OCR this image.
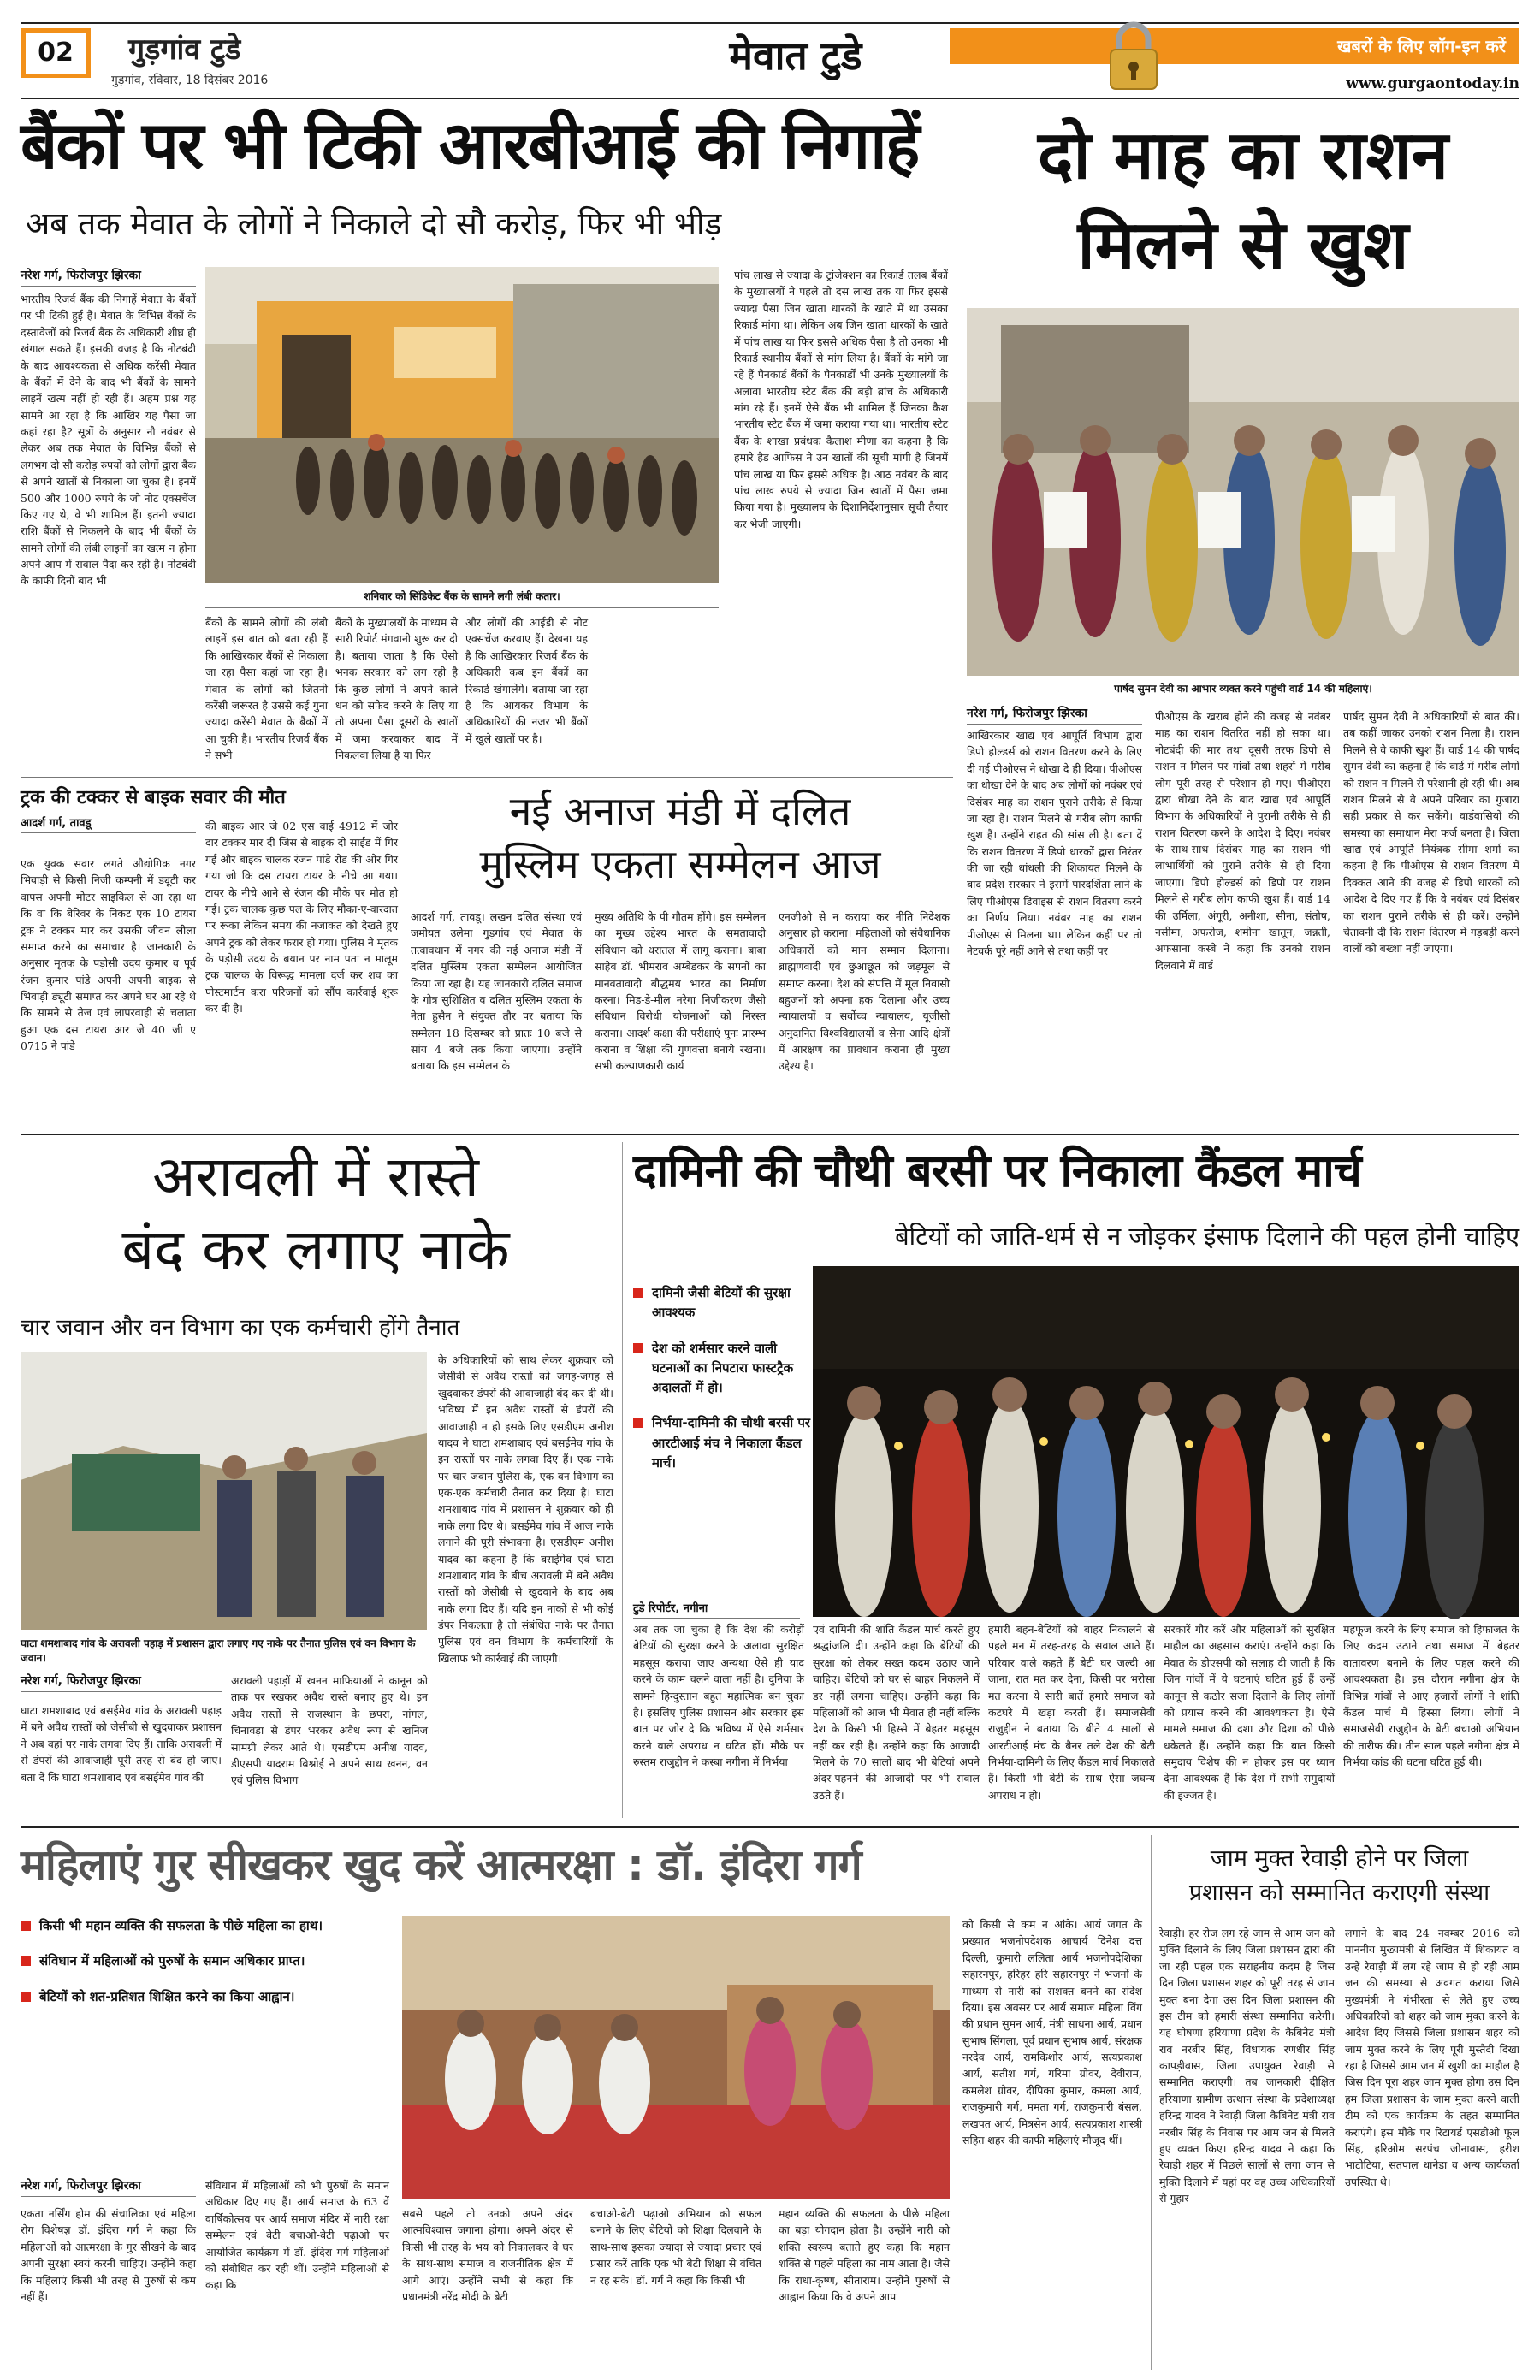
02	गुड़गांव टुडे
गुड़गांव, रविवार, 18 दिसंबर 2016
मेवात टुडे	खबरों के लिए लॉग-इन करें
www.gurgaontoday.in
बैंकों पर भी टिकी आरबीआई की निगाहें
अब तक मेवात के लोगों ने निकाले दो सौ करोड़, फिर भी भीड़
नरेश गर्ग, फिरोजपुर झिरका
भारतीय रिजर्व बैंक की निगाहें मेवात के बैंकों पर भी टिकी हुई हैं। मेवात के विभिन्न बैंकों के दस्तावेजों को रिजर्व बैंक के अधिकारी शीघ्र ही खंगाल सकते हैं। इसकी वजह है कि नोटबंदी के बाद आवश्यकता से अधिक करेंसी मेवात के बैंकों में देने के बाद भी बैंकों के सामने लाइनें खत्म नहीं हो रही हैं। अहम प्रश्न यह सामने आ रहा है कि आखिर यह पैसा जा कहां रहा है? सूत्रों के अनुसार नौ नवंबर से लेकर अब तक मेवात के विभिन्न बैंकों से लगभग दो सौ करोड़ रुपयों को लोगों द्वारा बैंक से अपने खातों से निकाला जा चुका है। इनमें 500 और 1000 रुपये के जो नोट एक्सचेंज किए गए थे, वे भी शामिल हैं। इतनी ज्यादा राशि बैंकों से निकलने के बाद भी बैंकों के सामने लोगों की लंबी लाइनों का खत्म न होना अपने आप में सवाल पैदा कर रही है। नोटबंदी के काफी दिनों बाद भी
शनिवार को सिंडिकेट बैंक के सामने लगी लंबी कतार।
बैंकों के सामने लोगों की लंबी लाइनें इस बात को बता रही हैं कि आखिरकार बैंकों से निकाला जा रहा पैसा कहां जा रहा है। मेवात के लोगों को जितनी करेंसी जरूरत है उससे कई गुना ज्यादा करेंसी मेवात के बैंकों में आ चुकी है। भारतीय रिजर्व बैंक ने सभी
बैंकों के मुख्यालयों के माध्यम से सारी रिपोर्ट मंगवानी शुरू कर दी है। बताया जाता है कि ऐसी भनक सरकार को लग रही है कि कुछ लोगों ने अपने काले धन को सफेद करने के लिए या तो अपना पैसा दूसरों के खातों में जमा करवाकर बाद में निकलवा लिया है या फिर
और लोगों की आईडी से नोट एक्सचेंज करवाए हैं। देखना यह है कि आखिरकार रिजर्व बैंक के अधिकारी कब इन बैंकों का रिकार्ड खंगालेंगे। बताया जा रहा है कि आयकर विभाग के अधिकारियों की नजर भी बैंकों में खुले खातों पर है।
पांच लाख से ज्यादा के ट्रांजेक्शन का रिकार्ड तलब बैंकों के मुख्यालयों ने पहले तो दस लाख तक या फिर इससे ज्यादा पैसा जिन खाता धारकों के खाते में था उसका रिकार्ड मांगा था। लेकिन अब जिन खाता धारकों के खाते में पांच लाख या फिर इससे अधिक पैसा है तो उनका भी रिकार्ड स्थानीय बैंकों से मांग लिया है। बैंकों के मांगे जा रहे हैं पैनकार्ड बैंकों के पैनकार्डों भी उनके मुख्यालयों के अलावा भारतीय स्टेट बैंक की बड़ी ब्रांच के अधिकारी मांग रहे हैं। इनमें ऐसे बैंक भी शामिल हैं जिनका कैश भारतीय स्टेट बैंक में जमा कराया गया था। भारतीय स्टेट बैंक के शाखा प्रबंधक कैलाश मीणा का कहना है कि हमारे हैड आफिस ने उन खातों की सूची मांगी है जिनमें पांच लाख या फिर इससे अधिक है। आठ नवंबर के बाद पांच लाख रुपये से ज्यादा जिन खातों में पैसा जमा किया गया है। मुख्यालय के दिशानिर्देशानुसार सूची तैयार कर भेजी जाएगी।
दो माह का राशन
मिलने से खुश
पार्षद सुमन देवी का आभार व्यक्त करने पहुंची वार्ड 14 की महिलाएं।
नरेश गर्ग, फिरोजपुर झिरका
आखिरकार खाद्य एवं आपूर्ति विभाग द्वारा डिपो होल्डर्स को राशन वितरण करने के लिए दी गई पीओएस ने धोखा दे ही दिया। पीओएस का धोखा देने के बाद अब लोगों को नवंबर एवं दिसंबर माह का राशन पुराने तरीके से किया जा रहा है। राशन मिलने से गरीब लोग काफी खुश हैं। उन्होंने राहत की सांस ली है। बता दें कि राशन वितरण में डिपो धारकों द्वारा निरंतर की जा रही धांधली की शिकायत मिलने के बाद प्रदेश सरकार ने इसमें पारदर्शिता लाने के लिए पीओएस डिवाइस से राशन वितरण करने का निर्णय लिया। नवंबर माह का राशन पीओएस से मिलना था। लेकिन कहीं पर तो नेटवर्क पूरे नहीं आने से तथा कहीं पर
पीओएस के खराब होने की वजह से नवंबर माह का राशन वितरित नहीं हो सका था। नोटबंदी की मार तथा दूसरी तरफ डिपो से राशन न मिलने पर गांवों तथा शहरों में गरीब लोग पूरी तरह से परेशान हो गए। पीओएस द्वारा धोखा देने के बाद खाद्य एवं आपूर्ति विभाग के अधिकारियों ने पुरानी तरीके से ही राशन वितरण करने के आदेश दे दिए। नवंबर के साथ-साथ दिसंबर माह का राशन भी लाभार्थियों को पुराने तरीके से ही दिया जाएगा। डिपो होल्डर्स को डिपो पर राशन मिलने से गरीब लोग काफी खुश हैं। वार्ड 14 की उर्मिला, अंगूरी, अनीशा, सीना, संतोष, नसीमा, अफरोज, शमीना खातून, जन्नती, अफसाना कस्बे ने कहा कि उनको राशन दिलवाने में वार्ड
पार्षद सुमन देवी ने अधिकारियों से बात की। तब कहीं जाकर उनको राशन मिला है। राशन मिलने से वे काफी खुश हैं। वार्ड 14 की पार्षद सुमन देवी का कहना है कि वार्ड में गरीब लोगों को राशन न मिलने से परेशानी हो रही थी। अब राशन मिलने से वे अपने परिवार का गुजारा सही प्रकार से कर सकेंगे। वार्डवासियों की समस्या का समाधान मेरा फर्ज बनता है। जिला खाद्य एवं आपूर्ति नियंत्रक सीमा शर्मा का कहना है कि पीओएस से राशन वितरण में दिक्कत आने की वजह से डिपो धारकों को आदेश दे दिए गए हैं कि वे नवंबर एवं दिसंबर का राशन पुराने तरीके से ही करें। उन्होंने चेतावनी दी कि राशन वितरण में गड़बड़ी करने वालों को बख्शा नहीं जाएगा।
ट्रक की टक्कर से बाइक सवार की मौत
आदर्श गर्ग, तावडू
एक युवक सवार लगते औद्योगिक नगर भिवाड़ी से किसी निजी कम्पनी में ड्यूटी कर वापस अपनी मोटर साइकिल से आ रहा था कि वा कि बेरिवर के निकट एक 10 टायरा ट्रक ने टक्कर मार कर उसकी जीवन लीला समाप्त करने का समाचार है। जानकारी के अनुसार मृतक के पड़ोसी उदय कुमार व पूर्व रंजन कुमार पांडे अपनी अपनी बाइक से भिवाड़ी ड्यूटी समाप्त कर अपने घर आ रहे थे कि सामने से तेज एवं लापरवाही से चलाता हुआ एक दस टायरा आर जे 40 जी ए 0715 ने पांडे
की बाइक आर जे 02 एस वाई 4912 में जोर दार टक्कर मार दी जिस से बाइक दो साईड में गिर गई और बाइक चालक रंजन पांडे रोड की ओर गिर गया जो कि दस टायरा टायर के नीचे आ गया। टायर के नीचे आने से रंजन की मौके पर मोत हो गई। ट्रक चालक कुछ पल के लिए मौका-ए-वारदात पर रूका लेकिन समय की नजाकत को देखते हुए अपने ट्रक को लेकर फरार हो गया। पुलिस ने मृतक के पड़ोसी उदय के बयान पर नाम पता न मालूम ट्रक चालक के विरूद्ध मामला दर्ज कर शव का पोस्टमार्टम करा परिजनों को सौंप कार्रवाई शुरू कर दी है।
नई अनाज मंडी में दलित
मुस्लिम एकता सम्मेलन आज
आदर्श गर्ग, तावडू। लखन दलित संस्था एवं जमीयत उलेमा गुड़गांव एवं मेवात के तत्वावधान में नगर की नई अनाज मंडी में दलित मुस्लिम एकता सम्मेलन आयोजित किया जा रहा है। यह जानकारी दलित समाज के गोत्र सुशिक्षित व दलित मुस्लिम एकता के नेता हुसैन ने संयुक्त तौर पर बताया कि सम्मेलन 18 दिसम्बर को प्रातः 10 बजे से सांय 4 बजे तक किया जाएगा। उन्होंने बताया कि इस सम्मेलन के
मुख्य अतिथि के पी गौतम होंगे। इस सम्मेलन का मुख्य उद्देश्य भारत के समतावादी संविधान को धरातल में लागू कराना। बाबा साहेब डॉ. भीमराव अम्बेडकर के सपनों का मानवतावादी बौद्धमय भारत का निर्माण करना। मिड-डे-मील नरेगा निजीकरण जैसी संविधान विरोधी योजनाओं को निरस्त कराना। आदर्श कक्षा की परीक्षाएं पुनः प्रारम्भ कराना व शिक्षा की गुणवत्ता बनाये रखना। सभी कल्याणकारी कार्य
एनजीओ से न कराया कर नीति निदेशक अनुसार हो कराना। महिलाओं को संवैधानिक अधिकारों को मान सम्मान दिलाना। ब्राह्मणवादी एवं छुआछूत को जड़मूल से समाप्त करना। देश को संपत्ति में मूल निवासी बहुजनों को अपना हक दिलाना और उच्च न्यायालयों व सर्वोच्च न्यायालय, यूजीसी अनुदानित विश्वविद्यालयों व सेना आदि क्षेत्रों में आरक्षण का प्रावधान कराना ही मुख्य उद्देश्य है।
अरावली में रास्ते
बंद कर लगाए नाके
चार जवान और वन विभाग का एक कर्मचारी होंगे तैनात
घाटा शमशाबाद गांव के अरावली पहाड़ में प्रशासन द्वारा लगाए गए नाके पर तैनात पुलिस एवं वन विभाग के जवान।
के अधिकारियों को साथ लेकर शुक्रवार को जेसीबी से अवैध रास्तों को जगह-जगह से खुदवाकर डंपरों की आवाजाही बंद कर दी थी। भविष्य में इन अवैध रास्तों से डंपरों की आवाजाही न हो इसके लिए एसडीएम अनीश यादव ने घाटा शमशाबाद एवं बसईमेव गांव के इन रास्तों पर नाके लगवा दिए हैं। एक नाके पर चार जवान पुलिस के, एक वन विभाग का एक-एक कर्मचारी तैनात कर दिया है। घाटा शमशाबाद गांव में प्रशासन ने शुक्रवार को ही नाके लगा दिए थे। बसईमेव गांव में आज नाके लगाने की पूरी संभावना है। एसडीएम अनीश यादव का कहना है कि बसईमेव एवं घाटा शमशाबाद गांव के बीच अरावली में बने अवैध रास्तों को जेसीबी से खुदवाने के बाद अब नाके लगा दिए हैं। यदि इन नाकों से भी कोई डंपर निकलता है तो संबंधित नाके पर तैनात पुलिस एवं वन विभाग के कर्मचारियों के खिलाफ भी कार्रवाई की जाएगी।
नरेश गर्ग, फिरोजपुर झिरका
घाटा शमशाबाद एवं बसईमेव गांव के अरावली पहाड़ में बने अवैध रास्तों को जेसीबी से खुदवाकर प्रशासन ने अब वहां पर नाके लगवा दिए हैं। ताकि अरावली में से डंपरों की आवाजाही पूरी तरह से बंद हो जाए। बता दें कि घाटा शमशाबाद एवं बसईमेव गांव की
अरावली पहाड़ों में खनन माफियाओं ने कानून को ताक पर रखकर अवैध रास्ते बनाए हुए थे। इन अवैध रास्तों से राजस्थान के छपरा, नांगल, चिनावड़ा से डंपर भरकर अवैध रूप से खनिज सामग्री लेकर आते थे। एसडीएम अनीश यादव, डीएसपी यादराम बिश्नोई ने अपने साथ खनन, वन एवं पुलिस विभाग
दामिनी की चौथी बरसी पर निकाला कैंडल मार्च
बेटियों को जाति-धर्म से न जोड़कर इंसाफ दिलाने की पहल होनी चाहिए
दामिनी जैसी बेटियों की सुरक्षा आवश्यक
देश को शर्मसार करने वाली घटनाओं का निपटारा फास्टट्रैक अदालतों में हो।
निर्भया-दामिनी की चौथी बरसी पर आरटीआई मंच ने निकाला कैंडल मार्च।
टुडे रिपोर्टर, नगीना
अब तक जा चुका है कि देश की करोड़ों बेटियों की सुरक्षा करने के अलावा सुरक्षित महसूस कराया जाए अन्यथा ऐसे ही याद करने के काम चलने वाला नहीं है। दुनिया के सामने हिन्दुस्तान बहुत महात्मिक बन चुका है। इसलिए पुलिस प्रशासन और सरकार इस बात पर जोर दे कि भविष्य में ऐसे शर्मसार करने वाले अपराध न घटित हों। मौके पर रुस्तम राजुद्दीन ने कस्बा नगीना में निर्भया
एवं दामिनी की शांति कैंडल मार्च करते हुए श्रद्धांजलि दी। उन्होंने कहा कि बेटियों की सुरक्षा को लेकर सख्त कदम उठाए जाने चाहिए। बेटियों को घर से बाहर निकलने में डर नहीं लगना चाहिए। उन्होंने कहा कि महिलाओं को आज भी मेवात ही नहीं बल्कि देश के किसी भी हिस्से में बेहतर महसूस नहीं कर रही है। उन्होंने कहा कि आजादी मिलने के 70 सालों बाद भी बेटियां अपने अंदर-पहनने की आजादी पर भी सवाल उठते हैं।
हमारी बहन-बेटियों को बाहर निकालने से पहले मन में तरह-तरह के सवाल आते हैं। परिवार वाले कहते हैं बेटी घर जल्दी आ जाना, रात मत कर देना, किसी पर भरोसा मत करना ये सारी बातें हमारे समाज को कटघरे में खड़ा करती हैं। समाजसेवी राजुद्दीन ने बताया कि बीते 4 सालों से आरटीआई मंच के बैनर तले देश की बेटी निर्भया-दामिनी के लिए कैंडल मार्च निकालते हैं। किसी भी बेटी के साथ ऐसा जघन्य अपराध न हो।
सरकारें गौर करें और महिलाओं को सुरक्षित माहौल का अहसास कराएं। उन्होंने कहा कि मेवात के डीएसपी को सलाह दी जाती है कि जिन गांवों में ये घटनाएं घटित हुई हैं उन्हें कानून से कठोर सजा दिलाने के लिए लोगों को प्रयास करने की आवश्यकता है। ऐसे मामले समाज की दशा और दिशा को पीछे धकेलते हैं। उन्होंने कहा कि बात किसी समुदाय विशेष की न होकर इस पर ध्यान देना आवश्यक है कि देश में सभी समुदायों की इज्जत है।
महफूज करने के लिए समाज को हिफाजत के लिए कदम उठाने तथा समाज में बेहतर वातावरण बनाने के लिए पहल करने की आवश्यकता है। इस दौरान नगीना क्षेत्र के विभिन्न गांवों से आए हजारों लोगों ने शांति कैंडल मार्च में हिस्सा लिया। लोगों ने समाजसेवी राजुद्दीन के बेटी बचाओ अभियान की तारीफ की। तीन साल पहले नगीना क्षेत्र में निर्भया कांड की घटना घटित हुई थी।
महिलाएं गुर सीखकर खुद करें आत्मरक्षा : डॉ. इंदिरा गर्ग
किसी भी महान व्यक्ति की सफलता के पीछे महिला का हाथ।
संविधान में महिलाओं को पुरुषों के समान अधिकार प्राप्त।
बेटियों को शत-प्रतिशत शिक्षित करने का किया आह्वान।
नरेश गर्ग, फिरोजपुर झिरका
एकता नर्सिंग होम की संचालिका एवं महिला रोग विशेषज्ञ डॉ. इंदिरा गर्ग ने कहा कि महिलाओं को आत्मरक्षा के गुर सीखने के बाद अपनी सुरक्षा स्वयं करनी चाहिए। उन्होंने कहा कि महिलाएं किसी भी तरह से पुरुषों से कम नहीं हैं।
संविधान में महिलाओं को भी पुरुषों के समान अधिकार दिए गए हैं। आर्य समाज के 63 वें वार्षिकोत्सव पर आर्य समाज मंदिर में नारी रक्षा सम्मेलन एवं बेटी बचाओ-बेटी पढ़ाओ पर आयोजित कार्यक्रम में डॉ. इंदिरा गर्ग महिलाओं को संबोधित कर रही थीं। उन्होंने महिलाओं से कहा कि
सबसे पहले तो उनको अपने अंदर आत्मविश्वास जगाना होगा। अपने अंदर से किसी भी तरह के भय को निकालकर वे घर के साथ-साथ समाज व राजनीतिक क्षेत्र में आगे आएं। उन्होंने सभी से कहा कि प्रधानमंत्री नरेंद्र मोदी के बेटी
बचाओ-बेटी पढ़ाओ अभियान को सफल बनाने के लिए बेटियों को शिक्षा दिलवाने के साथ-साथ इसका ज्यादा से ज्यादा प्रचार एवं प्रसार करें ताकि एक भी बेटी शिक्षा से वंचित न रह सके। डॉ. गर्ग ने कहा कि किसी भी
महान व्यक्ति की सफलता के पीछे महिला का बड़ा योगदान होता है। उन्होंने नारी को शक्ति स्वरूप बताते हुए कहा कि महान शक्ति से पहले महिला का नाम आता है। जैसे कि राधा-कृष्ण, सीताराम। उन्होंने पुरुषों से आह्वान किया कि वे अपने आप
को किसी से कम न आंके। आर्य जगत के प्रख्यात भजनोपदेशक आचार्य दिनेश दत्त दिल्ली, कुमारी ललिता आर्य भजनोपदेशिका सहारनपुर, हरिहर हरि सहारनपुर ने भजनों के माध्यम से नारी को सशक्त बनने का संदेश दिया। इस अवसर पर आर्य समाज महिला विंग की प्रधान सुमन आर्य, मंत्री साधना आर्य, प्रधान सुभाष सिंगला, पूर्व प्रधान सुभाष आर्य, संरक्षक नरदेव आर्य, रामकिशोर आर्य, सत्यप्रकाश आर्य, सतीश गर्ग, गरिमा ग्रोवर, देवीराम, कमलेश ग्रोवर, दीपिका कुमार, कमला आर्य, राजकुमारी गर्ग, ममता गर्ग, राजकुमारी बंसल, लखपत आर्य, मित्रसेन आर्य, सत्यप्रकाश शास्त्री सहित शहर की काफी महिलाएं मौजूद थीं।
जाम मुक्त रेवाड़ी होने पर जिला
प्रशासन को सम्मानित कराएगी संस्था
रेवाड़ी। हर रोज लग रहे जाम से आम जन को मुक्ति दिलाने के लिए जिला प्रशासन द्वारा की जा रही पहल एक सराहनीय कदम है जिस दिन जिला प्रशासन शहर को पूरी तरह से जाम मुक्त बना देगा उस दिन जिला प्रशासन की इस टीम को हमारी संस्था सम्मानित करेगी। यह घोषणा हरियाणा प्रदेश के कैबिनेट मंत्री राव नरबीर सिंह, विधायक रणधीर सिंह कापड़ीवास, जिला उपायुक्त रेवाड़ी से सम्मानित कराएगी। तब जानकारी दीक्षित हरियाणा ग्रामीण उत्थान संस्था के प्रदेशाध्यक्ष हरिन्द्र यादव ने रेवाड़ी जिला कैबिनेट मंत्री राव नरबीर सिंह के निवास पर आम जन से मिलते हुए व्यक्त किए। हरिन्द्र यादव ने कहा कि रेवाड़ी शहर में पिछले सालों से लगा जाम से मुक्ति दिलाने में यहां पर वह उच्च अधिकारियों से गुहार
लगाने के बाद 24 नवम्बर 2016 को माननीय मुख्यमंत्री से लिखित में शिकायत व उन्हें रेवाड़ी में लग रहे जाम से हो रही आम जन की समस्या से अवगत कराया जिसे मुख्यमंत्री ने गंभीरता से लेते हुए उच्च अधिकारियों को शहर को जाम मुक्त करने के आदेश दिए जिससे जिला प्रशासन शहर को जाम मुक्त करने के लिए पूरी मुस्तैदी दिखा रहा है जिससे आम जन में खुशी का माहौल है जिस दिन पूरा शहर जाम मुक्त होगा उस दिन हम जिला प्रशासन के जाम मुक्त करने वाली टीम को एक कार्यक्रम के तहत सम्मानित कराएंगे। इस मौके पर रिटायर्ड एसडीओ फूल सिंह, हरिओम सरपंच जोनावास, हरीश भाटोटिया, सतपाल धानेडा व अन्य कार्यकर्ता उपस्थित थे।
